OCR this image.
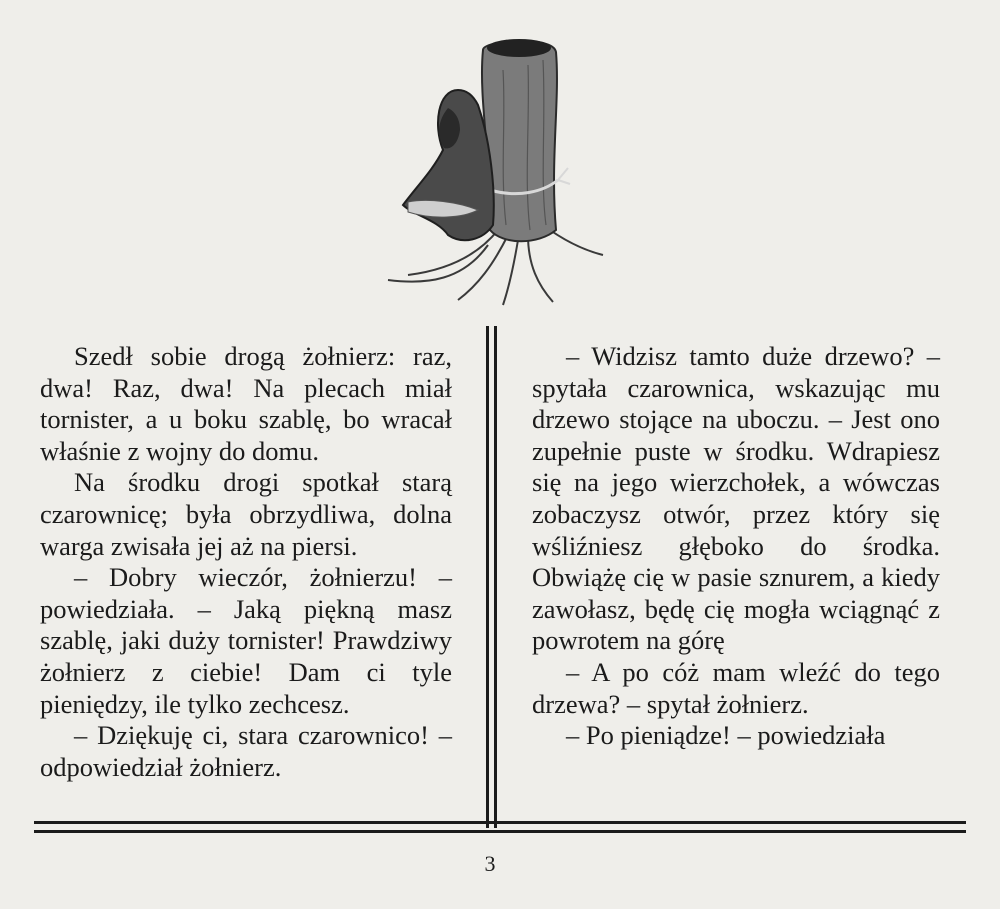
Szedł sobie drogą żołnierz: raz, dwa! Raz, dwa! Na plecach miał tornister, a u boku szablę, bo wracał właśnie z wojny do domu.

Na środku drogi spotkał starą czarownicę; była obrzydliwa, dolna warga zwisała jej aż na piersi.

– Dobry wieczór, żołnierzu! – powiedziała. – Jaką piękną masz szablę, jaki duży tornister! Prawdziwy żołnierz z ciebie! Dam ci tyle pieniędzy, ile tylko zechcesz.

– Dziękuję ci, stara czarownico! – odpowiedział żołnierz.

– Widzisz tamto duże drzewo? – spytała czarownica, wskazując mu drzewo stojące na uboczu. – Jest ono zupełnie puste w środku. Wdrapiesz się na jego wierzchołek, a wówczas zobaczysz otwór, przez który się wśliźniesz głęboko do środka. Obwiążę cię w pasie sznurem, a kiedy zawołasz, będę cię mogła wciągnąć z powrotem na górę

– A po cóż mam wleźć do tego drzewa? – spytał żołnierz.

– Po pieniądze! – powiedziała

3
